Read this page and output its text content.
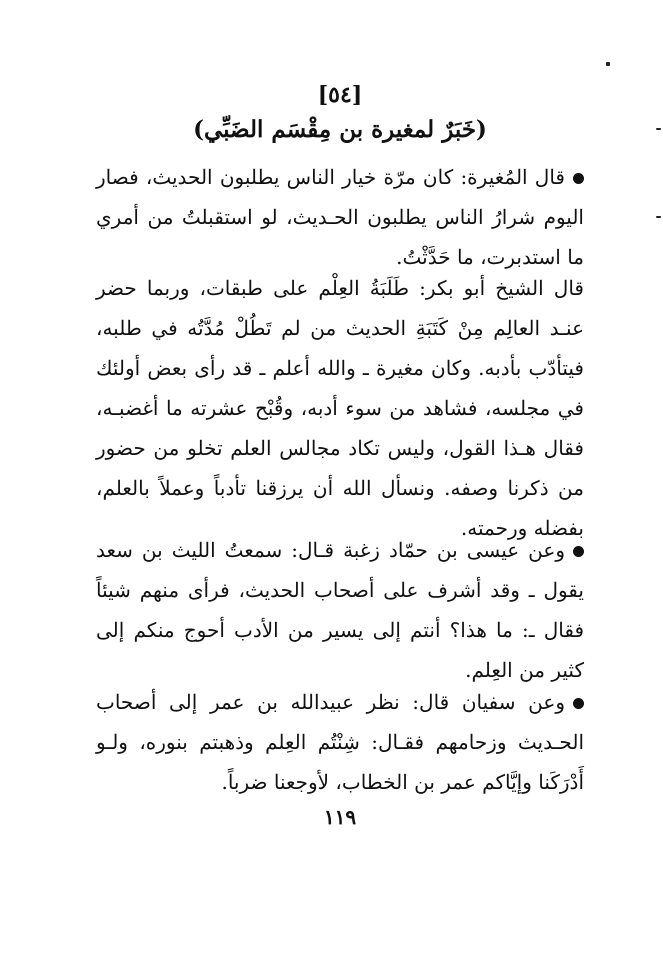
[٥٤]
(خَبَرٌ لمغيرة بن مِقْسَم الضَبِّي)

قال المُغيرة: كان مرّة خيار الناس يطلبون الحديث، فصار اليوم شرارُ الناس يطلبون الحـديث، لو استقبلتُ من أمري ما استدبرت، ما حَدَّثْتُ.

قال الشيخ أبو بكر: طَلَبَةُ العِلْم على طبقات، وربما حضر عنـد العالِم مِنْ كَتَبَةِ الحديث من لم تَطُلْ مُدَّتُه في طلبه، فيتأدّب بأدبه. وكان مغيرة ـ والله أعلم ـ قد رأى بعض أولئك في مجلسه، فشاهد من سوء أدبه، وقُبْح عشرته ما أغضبـه، فقال هـذا القول، وليس تكاد مجالس العلم تخلو من حضور من ذكرنا وصفه. ونسأل الله أن يرزقنا تأدباً وعملاً بالعلم، بفضله ورحمته.

وعن عيسى بن حمّاد زغبة قـال: سمعتُ الليث بن سعد يقول ـ وقد أشرف على أصحاب الحديث، فرأى منهم شيئاً فقال ـ: ما هذا؟ أنتم إلى يسير من الأدب أحوج منكم إلى كثير من العِلم.

وعن سفيان قال: نظر عبيدالله بن عمر إلى أصحاب الحـديث وزحامهم فقـال: شِنْتُم العِلم وذهبتم بنوره، ولـو أَدْرَكَنا وإيَّاكم عمر بن الخطاب، لأوجعنا ضرباً.

١١٩
